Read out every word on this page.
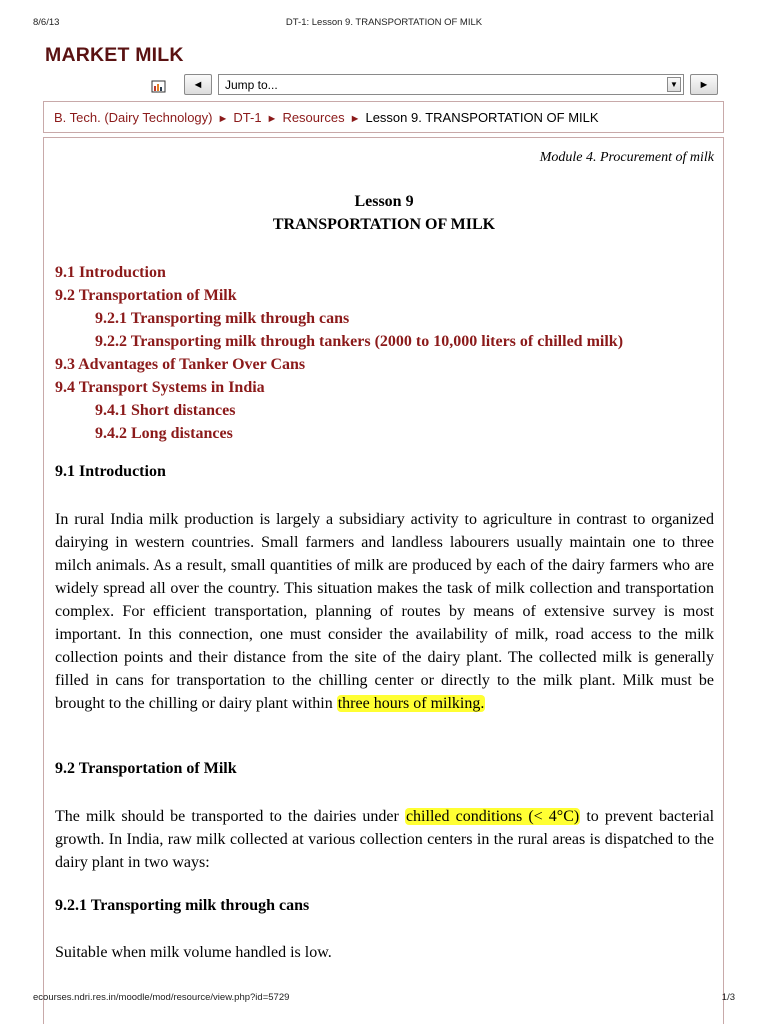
8/6/13	DT-1: Lesson 9. TRANSPORTATION OF MILK
MARKET MILK
◄	Jump to...	▼	►
B. Tech. (Dairy Technology) ► DT-1 ► Resources ► Lesson 9. TRANSPORTATION OF MILK
Module 4. Procurement of milk
Lesson 9
TRANSPORTATION OF MILK
9.1 Introduction
9.2 Transportation of Milk
9.2.1 Transporting milk through cans
9.2.2 Transporting milk through tankers (2000 to 10,000 liters of chilled milk)
9.3 Advantages of Tanker Over Cans
9.4 Transport Systems in India
9.4.1 Short distances
9.4.2 Long distances
9.1 Introduction
In rural India milk production is largely a subsidiary activity to agriculture in contrast to organized dairying in western countries. Small farmers and landless labourers usually maintain one to three milch animals. As a result, small quantities of milk are produced by each of the dairy farmers who are widely spread all over the country. This situation makes the task of milk collection and transportation complex. For efficient transportation, planning of routes by means of extensive survey is most important. In this connection, one must consider the availability of milk, road access to the milk collection points and their distance from the site of the dairy plant. The collected milk is generally filled in cans for transportation to the chilling center or directly to the milk plant. Milk must be brought to the chilling or dairy plant within three hours of milking.
9.2 Transportation of Milk
The milk should be transported to the dairies under chilled conditions (< 4°C) to prevent bacterial growth. In India, raw milk collected at various collection centers in the rural areas is dispatched to the dairy plant in two ways:
9.2.1 Transporting milk through cans
Suitable when milk volume handled is low.
ecourses.ndri.res.in/moodle/mod/resource/view.php?id=5729	1/3
